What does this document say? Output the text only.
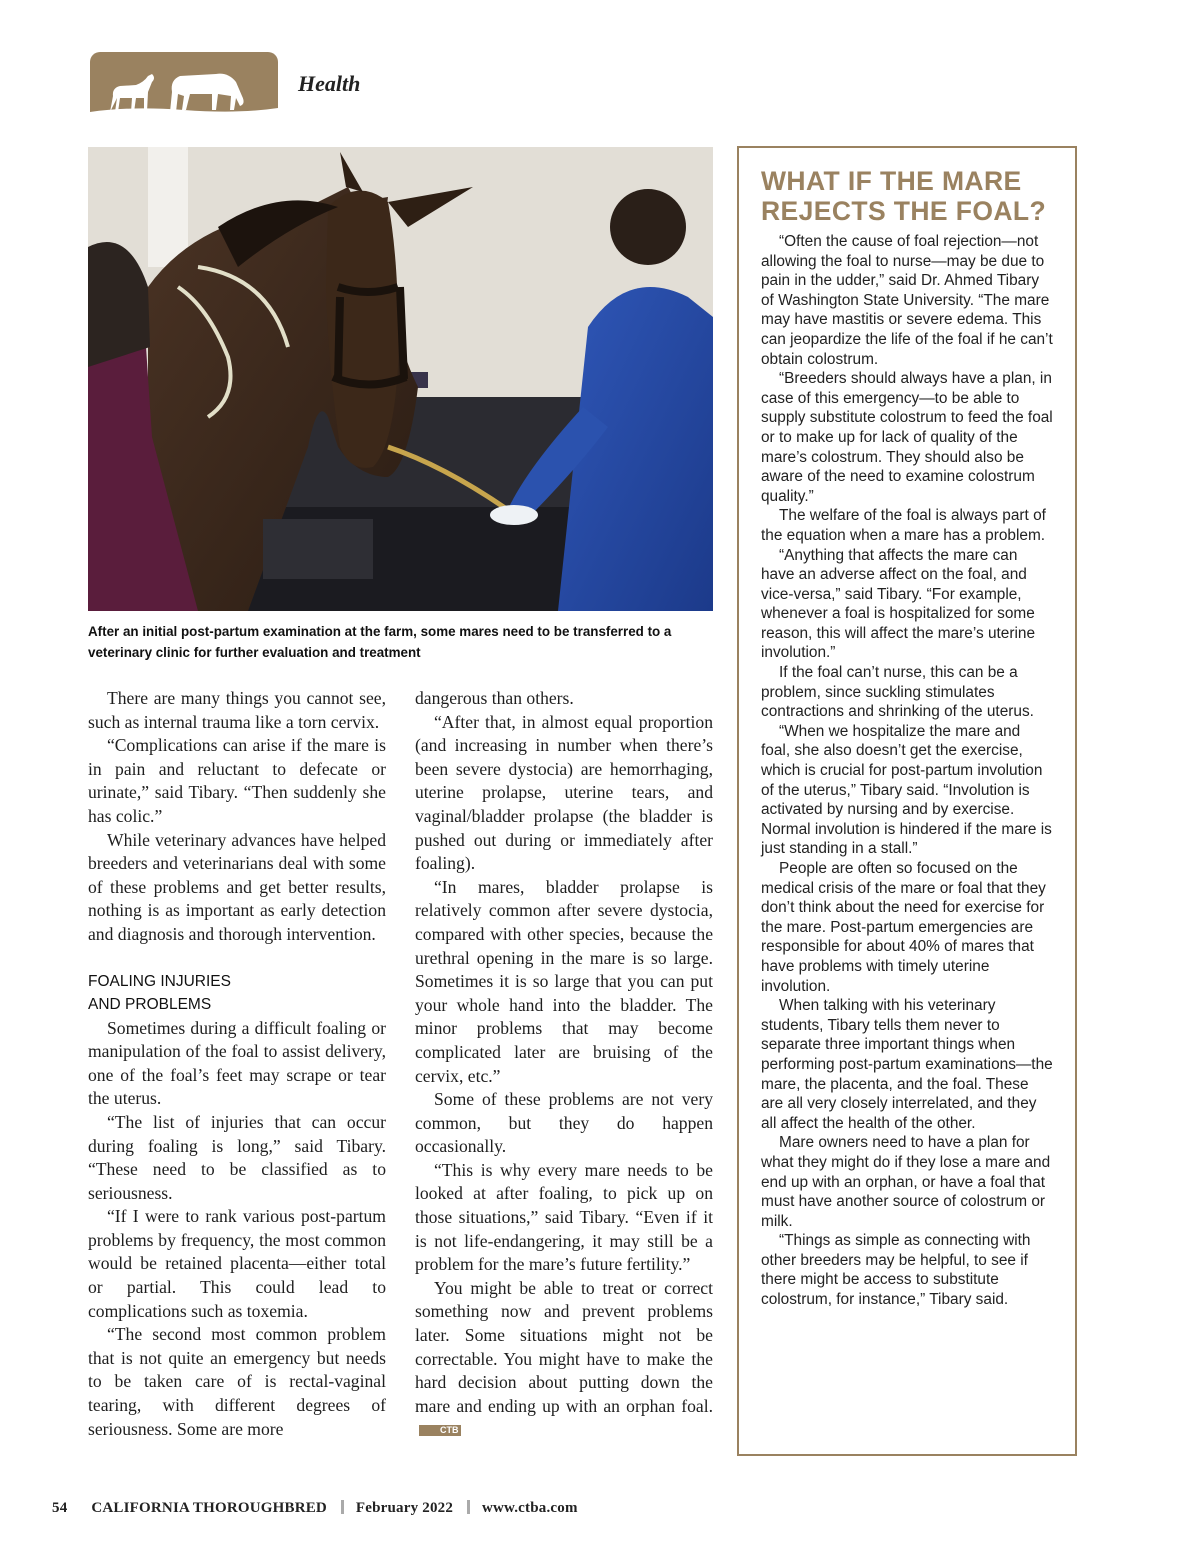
Health
After an initial post-partum examination at the farm, some mares need to be transferred to a veterinary clinic for further evaluation and treatment

There are many things you cannot see, such as internal trauma like a torn cervix.

“Complications can arise if the mare is in pain and reluctant to defecate or urinate,” said Tibary. “Then suddenly she has colic.”

While veterinary advances have helped breeders and veterinarians deal with some of these problems and get better results, nothing is as important as early detection and diagnosis and thorough intervention.

FOALING INJURIES
AND PROBLEMS

Sometimes during a difficult foaling or manipulation of the foal to assist delivery, one of the foal’s feet may scrape or tear the uterus.

“The list of injuries that can occur during foaling is long,” said Tibary. “These need to be classified as to seriousness.

“If I were to rank various post-partum problems by frequency, the most common would be retained placenta—either total or partial. This could lead to complications such as toxemia.

“The second most common problem that is not quite an emergency but needs to be taken care of is rectal-vaginal tearing, with different degrees of seriousness. Some are more

dangerous than others.

“After that, in almost equal proportion (and increasing in number when there’s been severe dystocia) are hemorrhaging, uterine prolapse, uterine tears, and vaginal/bladder prolapse (the bladder is pushed out during or immediately after foaling).

“In mares, bladder prolapse is relatively common after severe dystocia, compared with other species, because the urethral opening in the mare is so large. Sometimes it is so large that you can put your whole hand into the bladder. The minor problems that may become complicated later are bruising of the cervix, etc.”

Some of these problems are not very common, but they do happen occasionally.

“This is why every mare needs to be looked at after foaling, to pick up on those situations,” said Tibary. “Even if it is not life-endangering, it may still be a problem for the mare’s future fertility.”

You might be able to treat or correct something now and prevent problems later. Some situations might not be correctable. You might have to make the hard decision about putting down the mare and ending up with an orphan foal.CTB

WHAT IF THE MARE
REJECTS THE FOAL?

“Often the cause of foal rejection—not allowing the foal to nurse—may be due to pain in the udder,” said Dr. Ahmed Tibary of Washington State University. “The mare may have mastitis or severe edema. This can jeopardize the life of the foal if he can’t obtain colostrum.

“Breeders should always have a plan, in case of this emergency—to be able to supply substitute colostrum to feed the foal or to make up for lack of quality of the mare’s colostrum. They should also be aware of the need to examine colostrum quality.”

The welfare of the foal is always part of the equation when a mare has a problem.

“Anything that affects the mare can have an adverse affect on the foal, and vice-versa,” said Tibary. “For example, whenever a foal is hospitalized for some reason, this will affect the mare’s uterine involution.”

If the foal can’t nurse, this can be a problem, since suckling stimulates contractions and shrinking of the uterus.

“When we hospitalize the mare and foal, she also doesn’t get the exercise, which is crucial for post-partum involution of the uterus,” Tibary said. “Involution is activated by nursing and by exercise. Normal involution is hindered if the mare is just standing in a stall.”

People are often so focused on the medical crisis of the mare or foal that they don’t think about the need for exercise for the mare. Post-partum emergencies are responsible for about 40% of mares that have problems with timely uterine involution.

When talking with his veterinary students, Tibary tells them never to separate three important things when performing post-partum examinations—the mare, the placenta, and the foal. These are all very closely interrelated, and they all affect the health of the other.

Mare owners need to have a plan for what they might do if they lose a mare and end up with an orphan, or have a foal that must have another source of colostrum or milk.

“Things as simple as connecting with other breeders may be helpful, to see if there might be access to substitute colostrum, for instance,” Tibary said.

54 CALIFORNIA THOROUGHBRED February 2022 www.ctba.com
